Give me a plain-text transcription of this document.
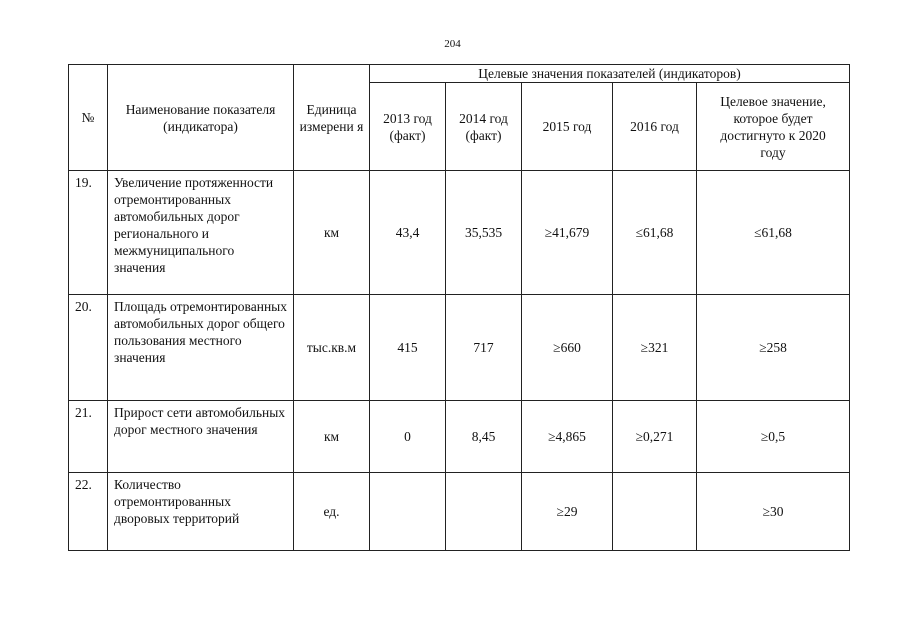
204
№	Наименование показателя (индикатора)	Единица измерени я	Целевые значения показателей (индикаторов)				
			2013 год (факт)	2014 год (факт)	2015 год	2016 год	Целевое значение, которое будет достигнуто к 2020 году
19.	Увеличение протяженности отремонтированных автомобильных дорог регионального и межмуниципального значения	км	43,4	35,535	≥41,679	≤61,68	≤61,68
20.	Площадь отремонтированных автомобильных дорог общего пользования местного значения	тыс.кв.м	415	717	≥660	≥321	≥258
21.	Прирост сети автомобильных дорог местного значения	км	0	8,45	≥4,865	≥0,271	≥0,5
22.	Количество отремонтированных дворовых территорий	ед.			≥29		≥30
